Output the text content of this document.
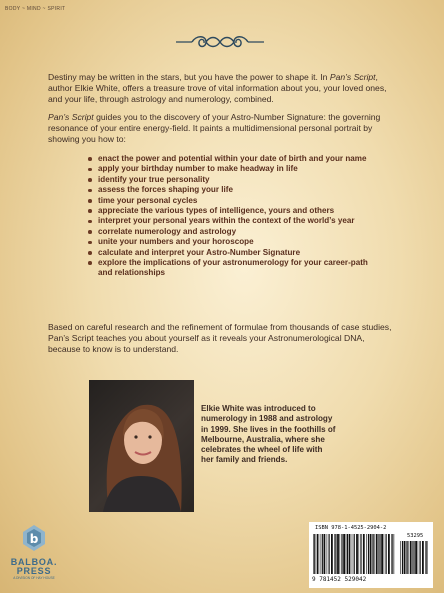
BODY ~ MIND ~ SPIRIT

Destiny may be written in the stars, but you have the power to shape it. In Pan’s Script, author Elkie White, offers a treasure trove of vital information about you, your loved ones, and your life, through astrology and numerology, combined.

Pan’s Script guides you to the discovery of your Astro-Number Signature: the governing resonance of your entire energy-field. It paints a multidimensional personal portrait by showing you how to:

enact the power and potential within your date of birth and your name
apply your birthday number to make headway in life
identify your true personality
assess the forces shaping your life
time your personal cycles
appreciate the various types of intelligence, yours and others
interpret your personal years within the context of the world’s year
correlate numerology and astrology
unite your numbers and your horoscope
calculate and interpret your Astro-Number Signature
explore the implications of your astronumerology for your career-path and relationships

Based on careful research and the refinement of formulae from thousands of case studies, Pan’s Script teaches you about yourself as it reveals your Astronumerological DNA, because to know is to understand.

Elkie White was introduced to numerology in 1988 and astrology in 1999. She lives in the foothills of Melbourne, Australia, where she celebrates the wheel of life with her family and friends.

b
BALBOA.
PRESS
A DIVISION OF HAY HOUSE
ISBN 978-1-4525-2904-2
53295
9 781452 529042
